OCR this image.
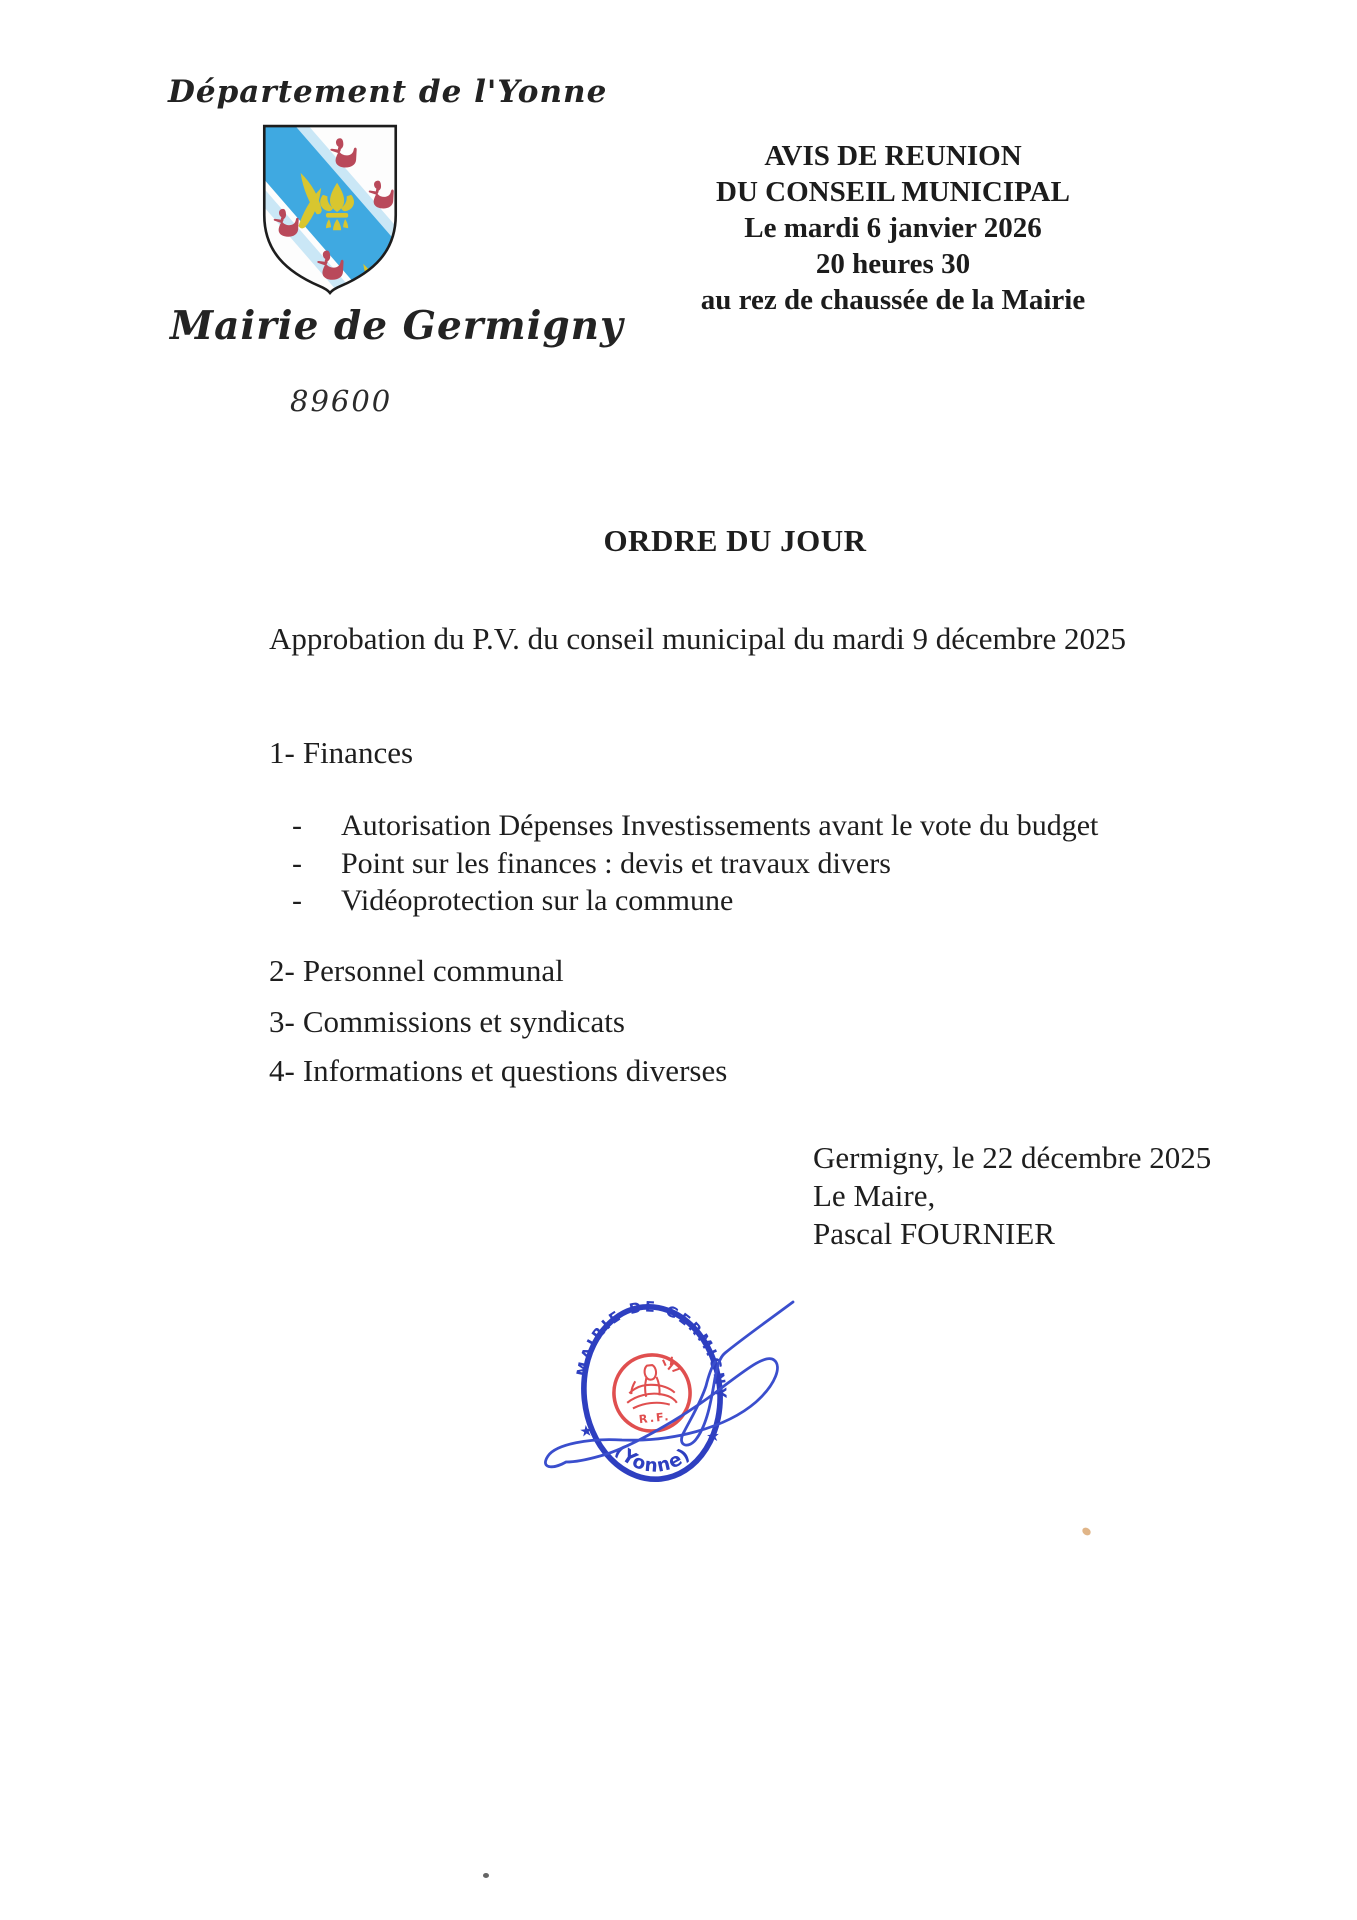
Département de l'Yonne
Mairie de Germigny
89600
AVIS DE REUNION
DU CONSEIL MUNICIPAL
Le mardi 6 janvier 2026
20 heures 30
au rez de chaussée de la Mairie
ORDRE DU JOUR
Approbation du P.V. du conseil municipal du mardi 9 décembre 2025
1- Finances
- Autorisation Dépenses Investissements avant le vote du budget
- Point sur les finances : devis et travaux divers
- Vidéoprotection sur la commune
2- Personnel communal
3- Commissions et syndicats
4- Informations et questions diverses
Germigny, le 22 décembre 2025
Le Maire,
Pascal FOURNIER
MAIRIE DE GERMIGNY
(Yonne)
★	★
R.F.
